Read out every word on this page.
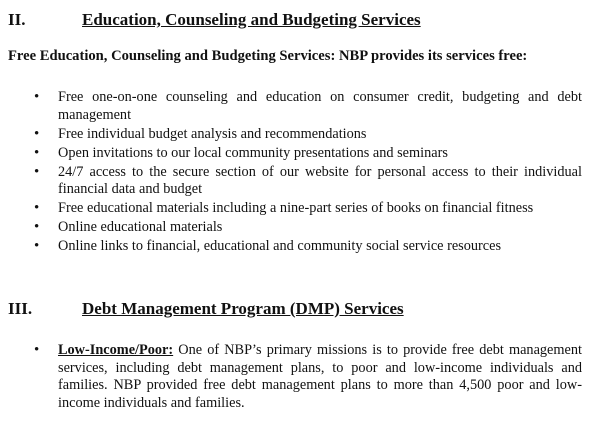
II.	Education, Counseling and Budgeting Services
Free Education, Counseling and Budgeting Services: NBP provides its services free:
• Free one-on-one counseling and education on consumer credit, budgeting and debt management
• Free individual budget analysis and recommendations
• Open invitations to our local community presentations and seminars
• 24/7 access to the secure section of our website for personal access to their individual financial data and budget
• Free educational materials including a nine-part series of books on financial fitness
• Online educational materials
• Online links to financial, educational and community social service resources
III.	Debt Management Program (DMP) Services
• Low-Income/Poor: One of NBP’s primary missions is to provide free debt management services, including debt management plans, to poor and low-income individuals and families. NBP provided free debt management plans to more than 4,500 poor and low-income individuals and families.
